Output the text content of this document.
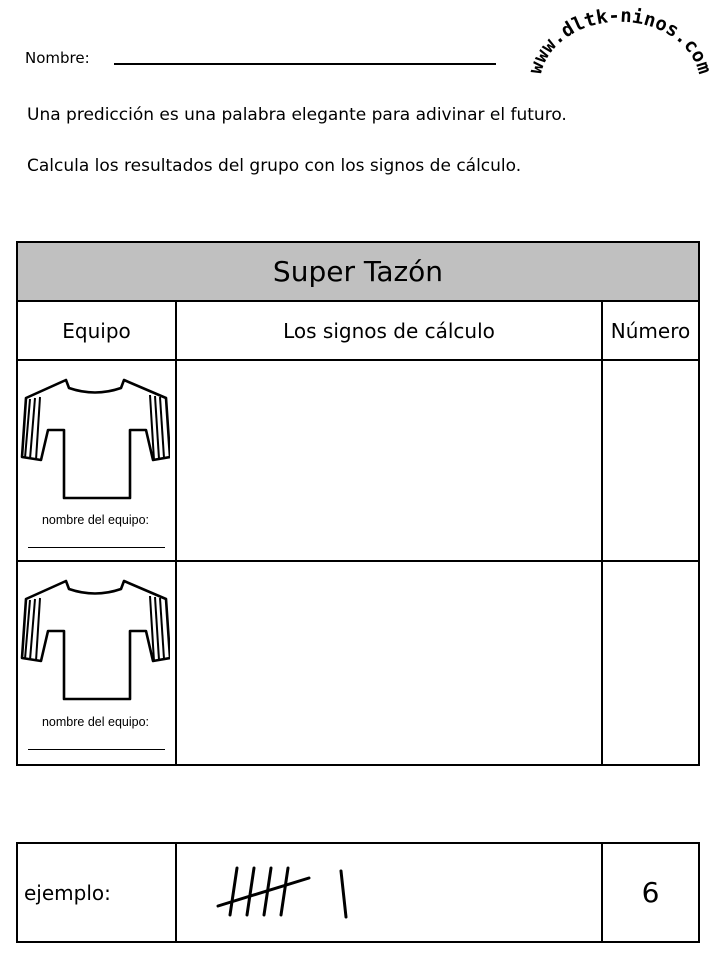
Nombre:
www.dltk-ninos.com
Una predicción es una palabra elegante para adivinar el futuro.
Calcula los resultados del grupo con los signos de cálculo.
Super Tazón
Equipo	Los signos de cálculo	Número
nombre del equipo:
nombre del equipo:
ejemplo:	6
